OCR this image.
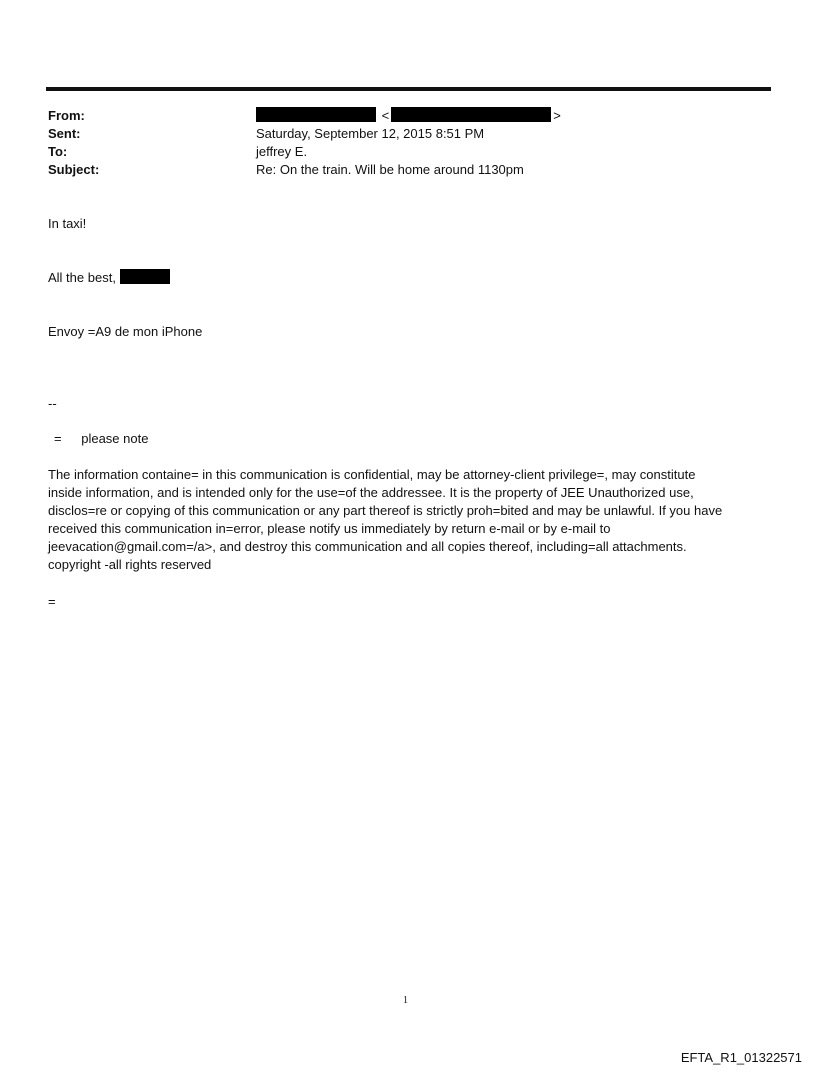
From:
Sent:
To:
Subject:
<	>
Saturday, September 12, 2015 8:51 PM
jeffrey E.
Re: On the train. Will be home around 1130pm
In taxi!
All the best,
Envoy =A9 de mon iPhone
--
= please note
The information containe= in this communication is confidential, may be attorney-client privilege=, may constitute
inside information, and is intended only for the use=of the addressee. It is the property of JEE Unauthorized use,
disclos=re or copying of this communication or any part thereof is strictly proh=bited and may be unlawful. If you have
received this communication in=error, please notify us immediately by return e-mail or by e-mail to
jeevacation@gmail.com=/a>, and destroy this communication and all copies thereof, including=all attachments.
copyright -all rights reserved
=
1
EFTA_R1_01322571
